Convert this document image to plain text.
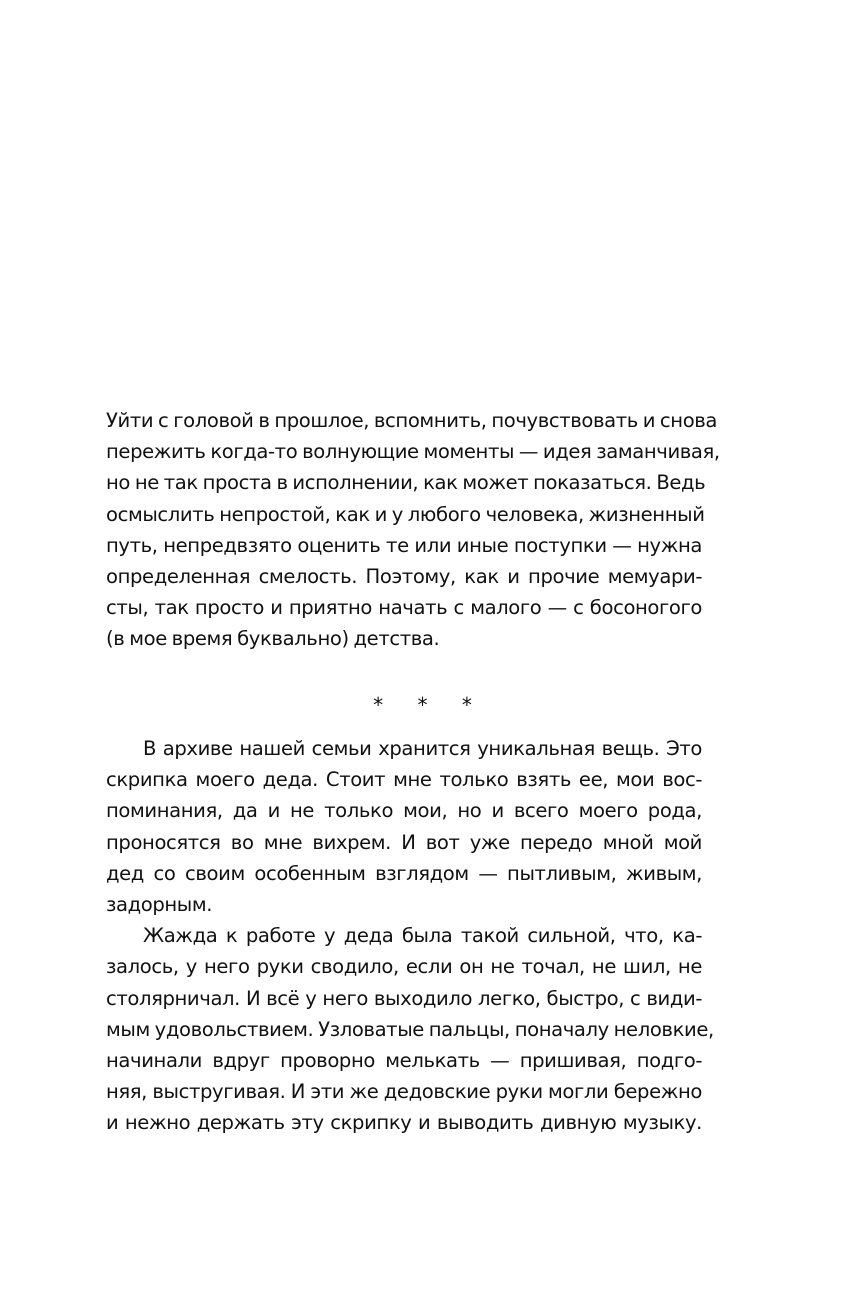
Уйти с головой в прошлое, вспомнить, почувствовать и снова
пережить когда-то волнующие моменты — идея заманчивая,
но не так проста в исполнении, как может показаться. Ведь
осмыслить непростой, как и у любого человека, жизненный
путь, непредвзято оценить те или иные поступки — нужна
определенная смелость. Поэтому, как и прочие мемуари-
сты, так просто и приятно начать с малого — с босоногого
(в мое время буквально) детства.
* * *
В архиве нашей семьи хранится уникальная вещь. Это
скрипка моего деда. Стоит мне только взять ее, мои вос-
поминания, да и не только мои, но и всего моего рода,
проносятся во мне вихрем. И вот уже передо мной мой
дед со своим особенным взглядом — пытливым, живым,
задорным.
Жажда к работе у деда была такой сильной, что, ка-
залось, у него руки сводило, если он не точал, не шил, не
столярничал. И всё у него выходило легко, быстро, с види-
мым удовольствием. Узловатые пальцы, поначалу неловкие,
начинали вдруг проворно мелькать — пришивая, подго-
няя, выстругивая. И эти же дедовские руки могли бережно
и нежно держать эту скрипку и выводить дивную музыку.
